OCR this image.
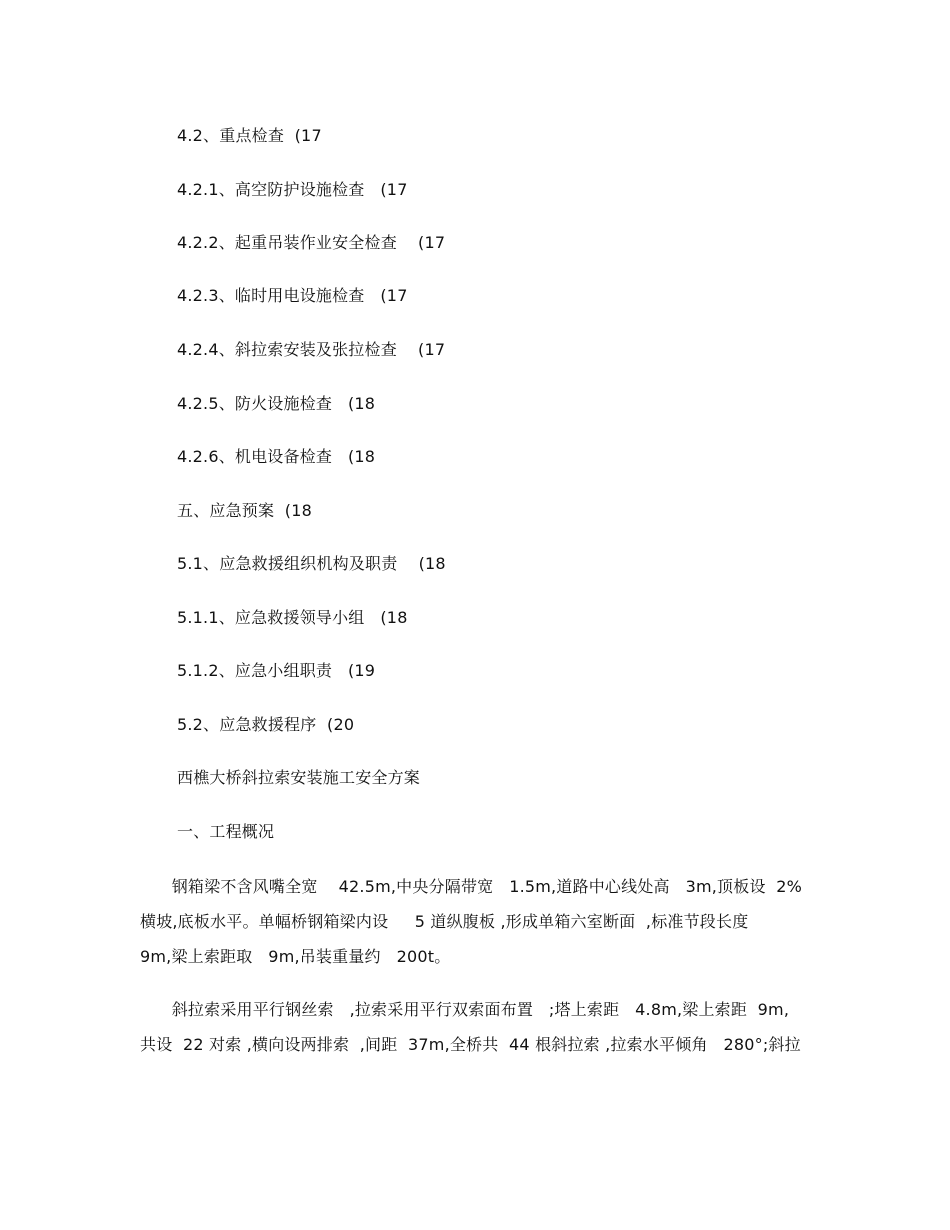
4.2、重点检查  (17
4.2.1、高空防护设施检查   (17
4.2.2、起重吊装作业安全检查    (17
4.2.3、临时用电设施检查   (17
4.2.4、斜拉索安装及张拉检查    (17
4.2.5、防火设施检查   (18
4.2.6、机电设备检查   (18
五、应急预案  (18
5.1、应急救援组织机构及职责    (18
5.1.1、应急救援领导小组   (18
5.1.2、应急小组职责   (19
5.2、应急救援程序  (20
西樵大桥斜拉索安装施工安全方案
一、工程概况
钢箱梁不含风嘴全宽    42.5m,中央分隔带宽   1.5m,道路中心线处高   3m,顶板设  2%
横坡,底板水平。单幅桥钢箱梁内设     5 道纵腹板 ,形成单箱六室断面  ,标准节段长度
9m,梁上索距取   9m,吊装重量约   200t。
斜拉索采用平行钢丝索   ,拉索采用平行双索面布置   ;塔上索距   4.8m,梁上索距  9m,
共设  22 对索 ,横向设两排索  ,间距  37m,全桥共  44 根斜拉索 ,拉索水平倾角   280°;斜拉
